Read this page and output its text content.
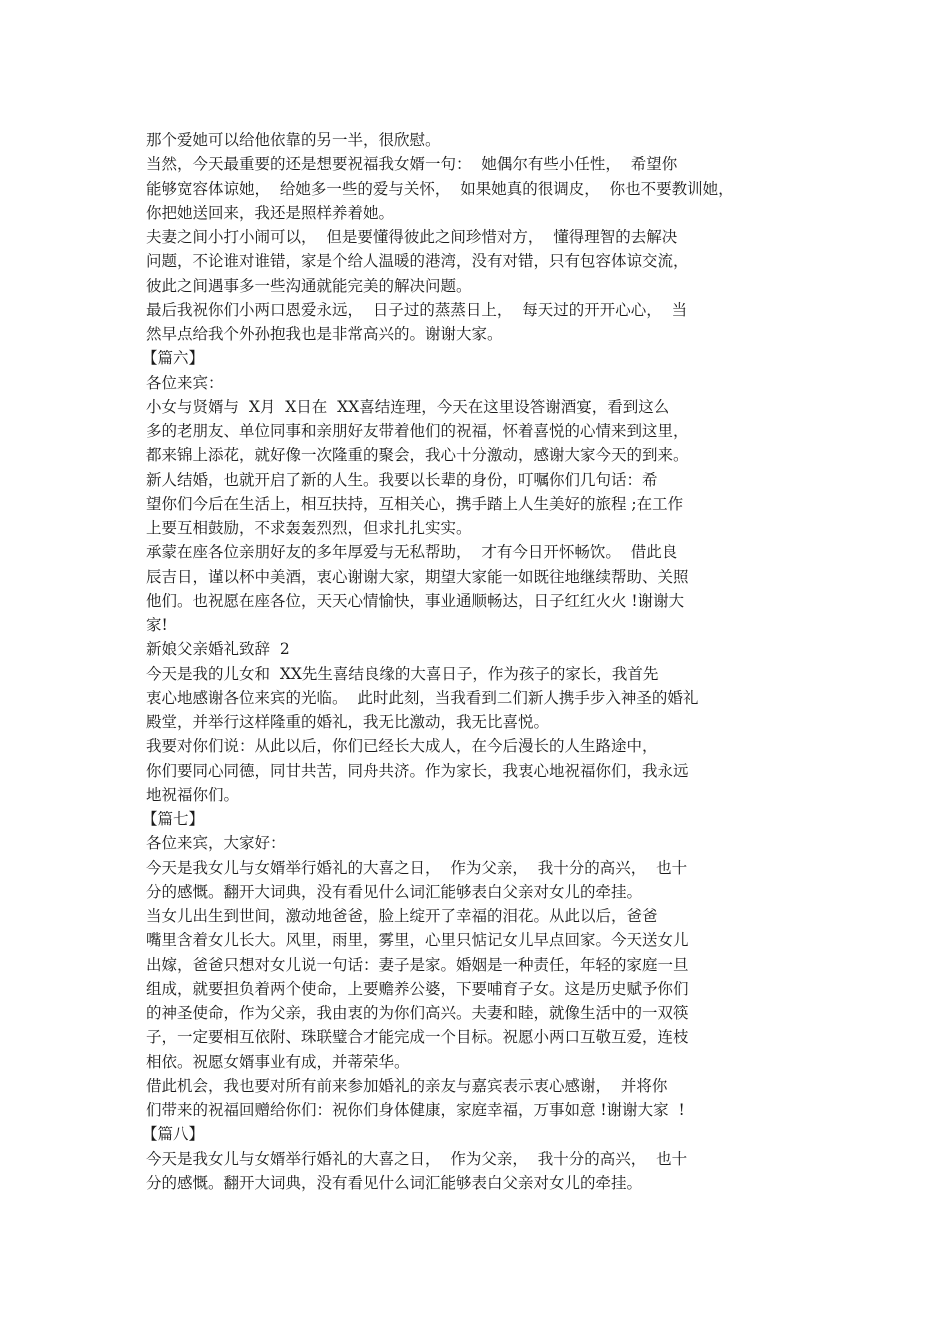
那个爱她可以给他依靠的另一半，很欣慰。
当然，今天最重要的还是想要祝福我女婿一句：  她偶尔有些小任性，  希望你
能够宽容体谅她，  给她多一些的爱与关怀，  如果她真的很调皮，  你也不要教训她，
你把她送回来，我还是照样养着她。
夫妻之间小打小闹可以，  但是要懂得彼此之间珍惜对方，  懂得理智的去解决
问题，不论谁对谁错，家是个给人温暖的港湾，没有对错，只有包容体谅交流，
彼此之间遇事多一些沟通就能完美的解决问题。
最后我祝你们小两口恩爱永远，  日子过的蒸蒸日上，  每天过的开开心心，  当
然早点给我个外孙抱我也是非常高兴的。谢谢大家。
【篇六】
各位来宾：
小女与贤婿与  X月  X日在  XX喜结连理，今天在这里设答谢酒宴，看到这么
多的老朋友、单位同事和亲朋好友带着他们的祝福，怀着喜悦的心情来到这里，
都来锦上添花，就好像一次隆重的聚会，我心十分激动，感谢大家今天的到来。
新人结婚，也就开启了新的人生。我要以长辈的身份，叮嘱你们几句话：希
望你们今后在生活上，相互扶持，互相关心，携手踏上人生美好的旅程 ;在工作
上要互相鼓励，不求轰轰烈烈，但求扎扎实实。
承蒙在座各位亲朋好友的多年厚爱与无私帮助，  才有今日开怀畅饮。  借此良
辰吉日，谨以杯中美酒，衷心谢谢大家，期望大家能一如既往地继续帮助、关照
他们。也祝愿在座各位，天天心情愉快，事业通顺畅达，日子红红火火 !谢谢大
家!
新娘父亲婚礼致辞  2
今天是我的儿女和  XX先生喜结良缘的大喜日子，作为孩子的家长，我首先
衷心地感谢各位来宾的光临。  此时此刻，当我看到二们新人携手步入神圣的婚礼
殿堂，并举行这样隆重的婚礼，我无比激动，我无比喜悦。
我要对你们说：从此以后，你们已经长大成人，在今后漫长的人生路途中，
你们要同心同德，同甘共苦，同舟共济。作为家长，我衷心地祝福你们，我永远
地祝福你们。
【篇七】
各位来宾，大家好：
今天是我女儿与女婿举行婚礼的大喜之日，  作为父亲，  我十分的高兴，  也十
分的感慨。翻开大词典，没有看见什么词汇能够表白父亲对女儿的牵挂。
当女儿出生到世间，激动地爸爸，脸上绽开了幸福的泪花。从此以后，爸爸
嘴里含着女儿长大。风里，雨里，雾里，心里只惦记女儿早点回家。今天送女儿
出嫁，爸爸只想对女儿说一句话：妻子是家。婚姻是一种责任，年轻的家庭一旦
组成，就要担负着两个使命，上要赡养公婆，下要哺育子女。这是历史赋予你们
的神圣使命，作为父亲，我由衷的为你们高兴。夫妻和睦，就像生活中的一双筷
子，一定要相互依附、珠联璧合才能完成一个目标。祝愿小两口互敬互爱，连枝
相依。祝愿女婿事业有成，并蒂荣华。
借此机会，我也要对所有前来参加婚礼的亲友与嘉宾表示衷心感谢，  并将你
们带来的祝福回赠给你们：祝你们身体健康，家庭幸福，万事如意 !谢谢大家  !
【篇八】
今天是我女儿与女婿举行婚礼的大喜之日，  作为父亲，  我十分的高兴，  也十
分的感慨。翻开大词典，没有看见什么词汇能够表白父亲对女儿的牵挂。
